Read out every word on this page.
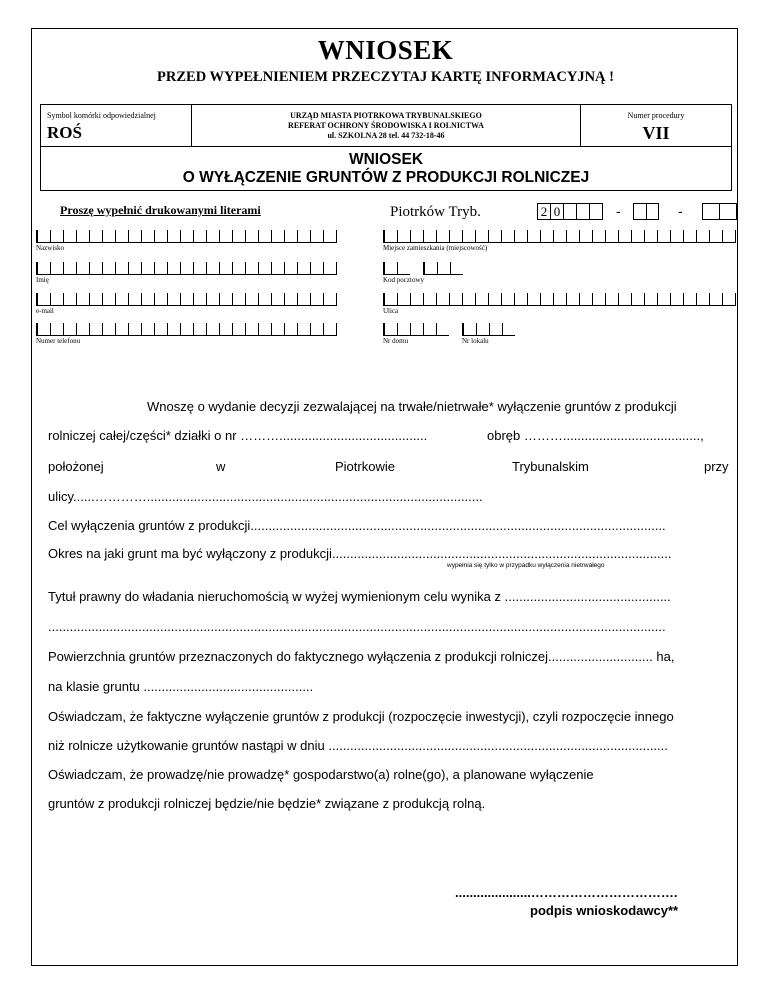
WNIOSEK
PRZED WYPEŁNIENIEM PRZECZYTAJ KARTĘ INFORMACYJNĄ !
Symbol komórki odpowiedzialnej
ROŚ
URZĄD MIASTA PIOTRKOWA TRYBUNALSKIEGO
REFERAT OCHRONY ŚRODOWISKA I ROLNICTWA
ul. SZKOLNA 28 tel. 44 732-18-46
Numer procedury
VII
WNIOSEK
O WYŁĄCZENIE GRUNTÓW Z PRODUKCJI ROLNICZEJ
Proszę wypełnić drukowanymi literami	Piotrków Tryb.	2 0	-	-
Nazwisko
Imię
e-mail
Numer telefonu
Miejsce zamieszkania (miejscowość)
Kod pocztowy
Ulica
Nr domu	Nr lokalu
Wnoszę o wydanie decyzji zezwalającej na trwałe/nietrwałe* wyłączenie gruntów z produkcji
rolniczej całej/części* działki o nr ……….........................................	obręb ………......................................,
położonej	w	Piotrkowie	Trybunalskim	przy
ulicy......………….............................................................................................
Cel wyłączenia gruntów z produkcji...................................................................................................................
Okres na jaki grunt ma być wyłączony z produkcji..............................................................................................
wypełnia się tylko w przypadku wyłączenia nietrwałego
Tytuł prawny do władania nieruchomością w wyżej wymienionym celu wynika z ..............................................
...........................................................................................................................................................................
Powierzchnia gruntów przeznaczonych do faktycznego wyłączenia z produkcji rolniczej............................. ha,
na klasie gruntu ...............................................
Oświadczam, że faktyczne wyłączenie gruntów z produkcji (rozpoczęcie inwestycji), czyli rozpoczęcie innego
niż rolnicze użytkowanie gruntów nastąpi w dniu ..............................................................................................
Oświadczam, że prowadzę/nie prowadzę* gospodarstwo(a) rolne(go), a planowane wyłączenie
gruntów z produkcji rolniczej będzie/nie będzie* związane z produkcją rolną.
.....................…………………………….
podpis wnioskodawcy**
